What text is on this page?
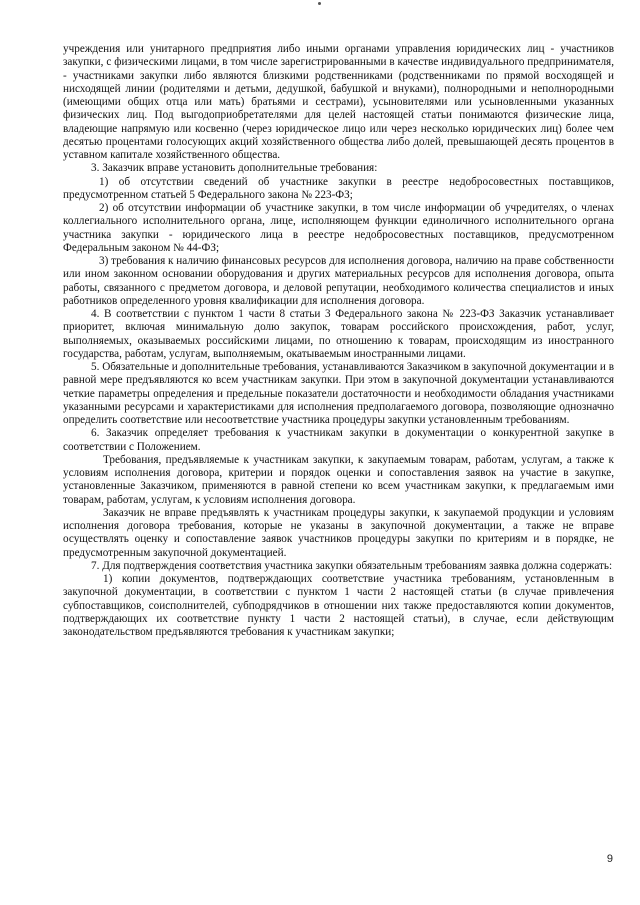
учреждения или унитарного предприятия либо иными органами управления юридических лиц - участников закупки, с физическими лицами, в том числе зарегистрированными в качестве индивидуального предпринимателя, - участниками закупки либо являются близкими родственниками (родственниками по прямой восходящей и нисходящей линии (родителями и детьми, дедушкой, бабушкой и внуками), полнородными и неполнородными (имеющими общих отца или мать) братьями и сестрами), усыновителями или усыновленными указанных физических лиц. Под выгодоприобретателями для целей настоящей статьи понимаются физические лица, владеющие напрямую или косвенно (через юридическое лицо или через несколько юридических лиц) более чем десятью процентами голосующих акций хозяйственного общества либо долей, превышающей десять процентов в уставном капитале хозяйственного общества.

3. Заказчик вправе установить дополнительные требования:

1) об отсутствии сведений об участнике закупки в реестре недобросовестных поставщиков, предусмотренном статьей 5 Федерального закона № 223-ФЗ;

2) об отсутствии информации об участнике закупки, в том числе информации об учредителях, о членах коллегиального исполнительного органа, лице, исполняющем функции единоличного исполнительного органа участника закупки - юридического лица в реестре недобросовестных поставщиков, предусмотренном Федеральным законом № 44-ФЗ;

3) требования к наличию финансовых ресурсов для исполнения договора, наличию на праве собственности или ином законном основании оборудования и других материальных ресурсов для исполнения договора, опыта работы, связанного с предметом договора, и деловой репутации, необходимого количества специалистов и иных работников определенного уровня квалификации для исполнения договора.

4. В соответствии с пунктом 1 части 8 статьи 3 Федерального закона № 223-ФЗ Заказчик устанавливает приоритет, включая минимальную долю закупок, товарам российского происхождения, работ, услуг, выполняемых, оказываемых российскими лицами, по отношению к товарам, происходящим из иностранного государства, работам, услугам, выполняемым, окатываемым иностранными лицами.

5. Обязательные и дополнительные требования, устанавливаются Заказчиком в закупочной документации и в равной мере предъявляются ко всем участникам закупки. При этом в закупочной документации устанавливаются четкие параметры определения и предельные показатели достаточности и необходимости обладания участниками указанными ресурсами и характеристиками для исполнения предполагаемого договора, позволяющие однозначно определить соответствие или несоответствие участника процедуры закупки установленным требованиям.

6. Заказчик определяет требования к участникам закупки в документации о конкурентной закупке в соответствии с Положением.

Требования, предъявляемые к участникам закупки, к закупаемым товарам, работам, услугам, а также к условиям исполнения договора, критерии и порядок оценки и сопоставления заявок на участие в закупке, установленные Заказчиком, применяются в равной степени ко всем участникам закупки, к предлагаемым ими товарам, работам, услугам, к условиям исполнения договора.

Заказчик не вправе предъявлять к участникам процедуры закупки, к закупаемой продукции и условиям исполнения договора требования, которые не указаны в закупочной документации, а также не вправе осуществлять оценку и сопоставление заявок участников процедуры закупки по критериям и в порядке, не предусмотренным закупочной документацией.

7. Для подтверждения соответствия участника закупки обязательным требованиям заявка должна содержать:

1) копии документов, подтверждающих соответствие участника требованиям, установленным в закупочной документации, в соответствии с пунктом 1 части 2 настоящей статьи (в случае привлечения субпоставщиков, соисполнителей, субподрядчиков в отношении них также предоставляются копии документов, подтверждающих их соответствие пункту 1 части 2 настоящей статьи), в случае, если действующим законодательством предъявляются требования к участникам закупки;

9
